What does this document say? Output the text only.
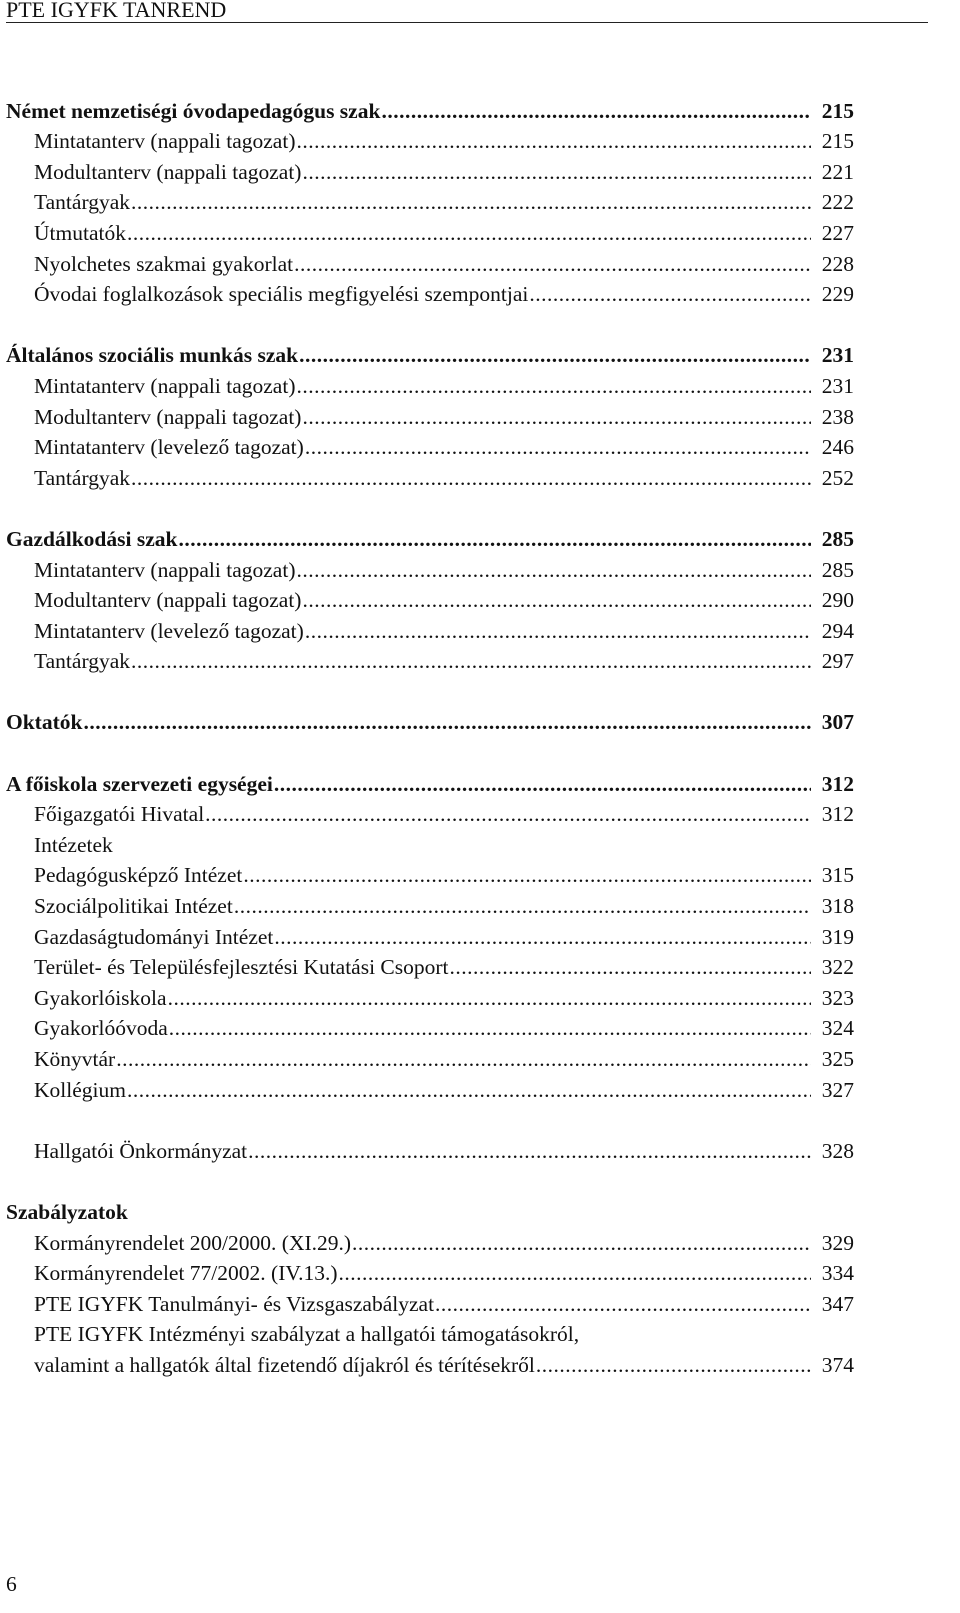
PTE IGYFK TANREND
Német nemzetiségi óvodapedagógus szak .....	215
Mintatanterv (nappali tagozat) .....	215
Modultanterv (nappali tagozat) .....	221
Tantárgyak .....	222
Útmutatók .....	227
Nyolchetes szakmai gyakorlat .....	228
Óvodai foglalkozások speciális megfigyelési szempontjai .....	229
Általános szociális munkás szak .....	231
Mintatanterv (nappali tagozat) .....	231
Modultanterv (nappali tagozat) .....	238
Mintatanterv (levelező tagozat) .....	246
Tantárgyak .....	252
Gazdálkodási szak .....	285
Mintatanterv (nappali tagozat) .....	285
Modultanterv (nappali tagozat) .....	290
Mintatanterv (levelező tagozat) .....	294
Tantárgyak .....	297
Oktatók .....	307
A főiskola szervezeti egységei .....	312
Főigazgatói Hivatal .....	312
Intézetek
Pedagógusképző Intézet .....	315
Szociálpolitikai Intézet .....	318
Gazdaságtudományi Intézet .....	319
Terület- és Településfejlesztési Kutatási Csoport .....	322
Gyakorlóiskola .....	323
Gyakorlóóvoda .....	324
Könyvtár .....	325
Kollégium .....	327
Hallgatói Önkormányzat .....	328
Szabályzatok
Kormányrendelet 200/2000. (XI.29.) .....	329
Kormányrendelet 77/2002. (IV.13.) .....	334
PTE IGYFK Tanulmányi- és Vizsgaszabályzat .....	347
PTE IGYFK Intézményi szabályzat a hallgatói támogatásokról,
valamint a hallgatók által fizetendő díjakról és térítésekről .....	374
6
